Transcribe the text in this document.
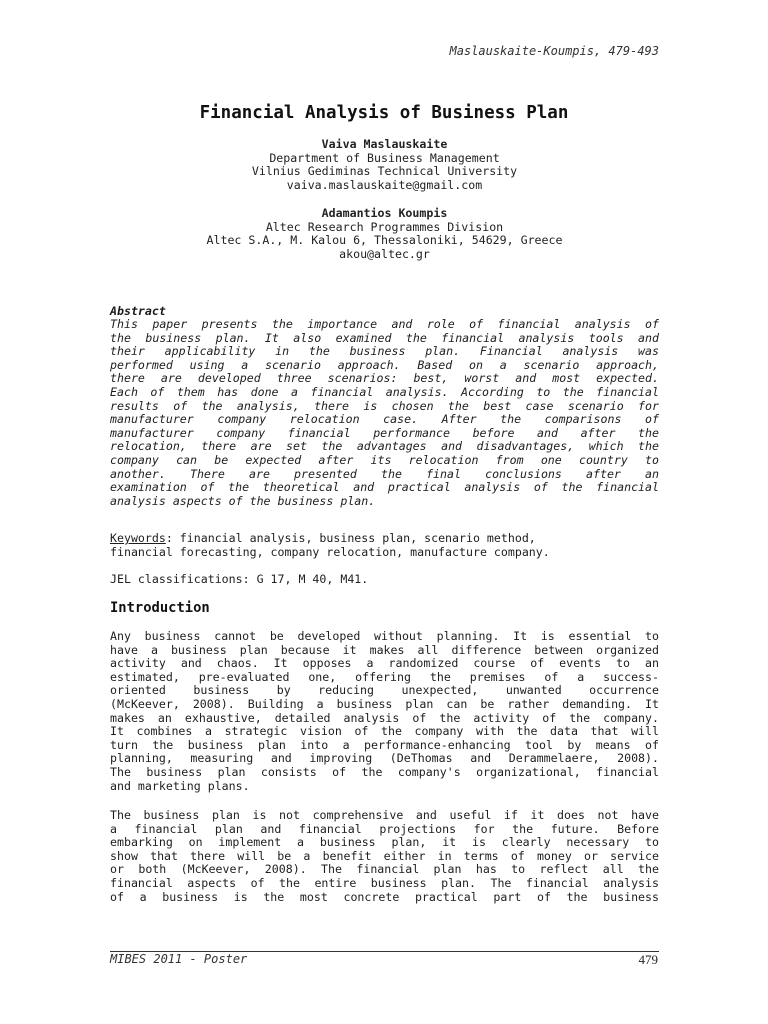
Maslauskaite-Koumpis, 479-493
Financial Analysis of Business Plan
Vaiva Maslauskaite
Department of Business Management
Vilnius Gediminas Technical University
vaiva.maslauskaite@gmail.com
Adamantios Koumpis
Altec Research Programmes Division
Altec S.A., M. Kalou 6, Thessaloniki, 54629, Greece
akou@altec.gr
Abstract
This paper presents the importance and role of financial analysis of
the business plan. It also examined the financial analysis tools and
their applicability in the business plan. Financial analysis was
performed using a scenario approach. Based on a scenario approach,
there are developed three scenarios: best, worst and most expected.
Each of them has done a financial analysis. According to the financial
results of the analysis, there is chosen the best case scenario for
manufacturer company relocation case. After the comparisons of
manufacturer company financial performance before and after the
relocation, there are set the advantages and disadvantages, which the
company can be expected after its relocation from one country to
another. There are presented the final conclusions after an
examination of the theoretical and practical analysis of the financial
analysis aspects of the business plan.
Keywords: financial analysis, business plan, scenario method,
financial forecasting, company relocation, manufacture company.
JEL classifications: G 17, M 40, M41.
Introduction
Any business cannot be developed without planning. It is essential to
have a business plan because it makes all difference between organized
activity and chaos. It opposes a randomized course of events to an
estimated, pre-evaluated one, offering the premises of a success-
oriented business by reducing unexpected, unwanted occurrence
(McKeever, 2008). Building a business plan can be rather demanding. It
makes an exhaustive, detailed analysis of the activity of the company.
It combines a strategic vision of the company with the data that will
turn the business plan into a performance-enhancing tool by means of
planning, measuring and improving (DeThomas and Derammelaere, 2008).
The business plan consists of the company's organizational, financial
and marketing plans.
The business plan is not comprehensive and useful if it does not have
a financial plan and financial projections for the future. Before
embarking on implement a business plan, it is clearly necessary to
show that there will be a benefit either in terms of money or service
or both (McKeever, 2008). The financial plan has to reflect all the
financial aspects of the entire business plan. The financial analysis
of a business is the most concrete practical part of the business
MIBES 2011 - Poster	479
